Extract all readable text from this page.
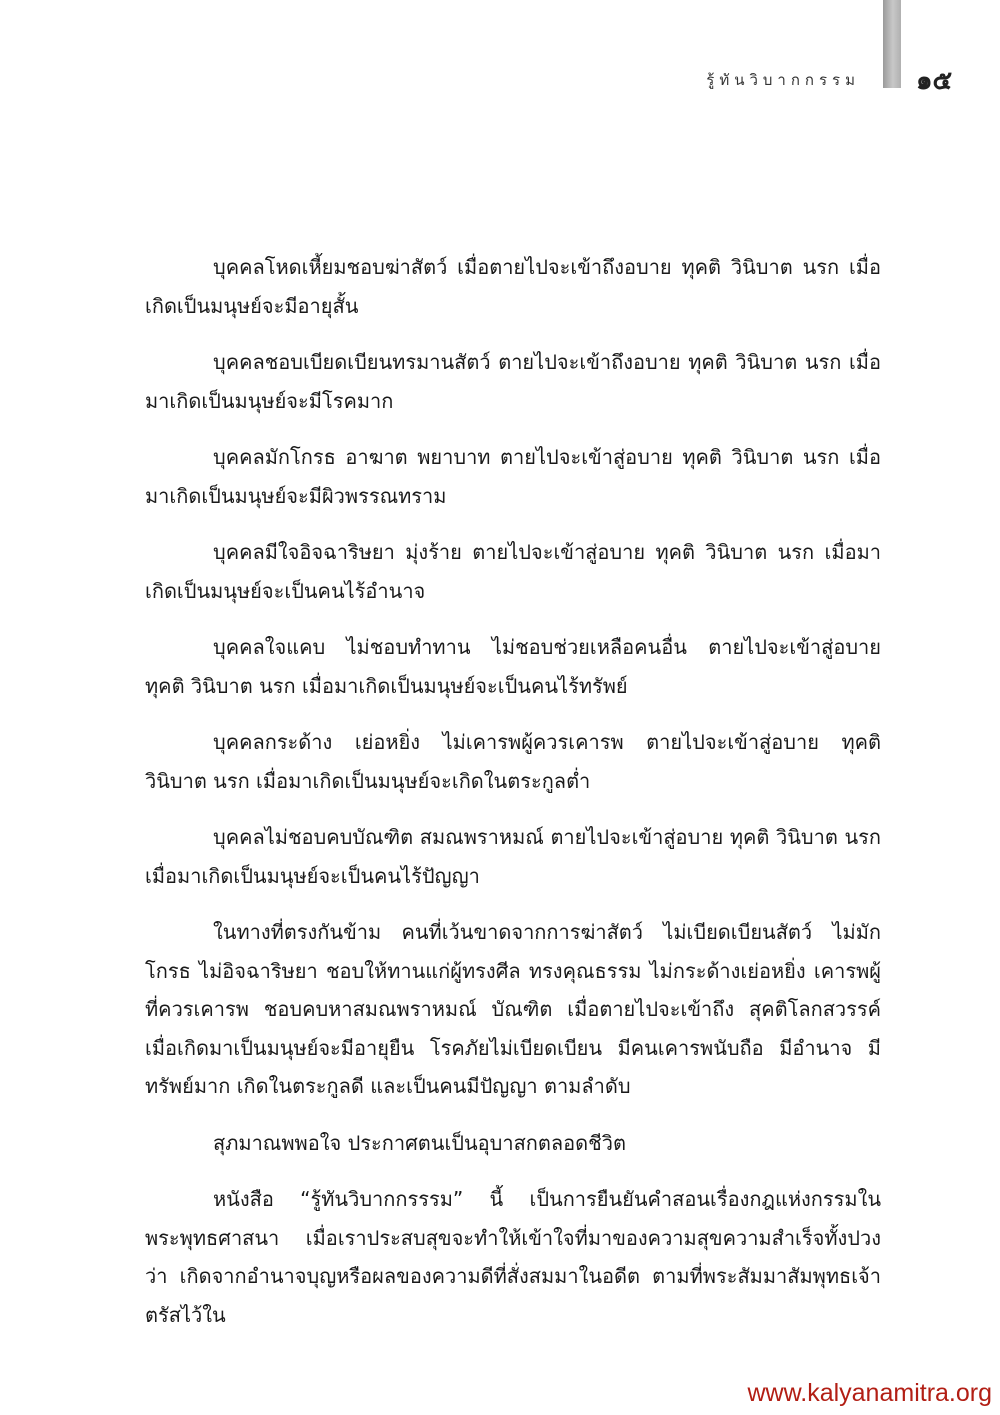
รู้ทันวิบากกรรม ๑๕

บุคคลโหดเหี้ยมชอบฆ่าสัตว์ เมื่อตายไปจะเข้าถึงอบาย ทุคติ วินิบาต นรก เมื่อเกิดเป็นมนุษย์จะมีอายุสั้น

บุคคลชอบเบียดเบียนทรมานสัตว์ ตายไปจะเข้าถึงอบาย ทุคติ วินิบาต นรก เมื่อมาเกิดเป็นมนุษย์จะมีโรคมาก

บุคคลมักโกรธ อาฆาต พยาบาท ตายไปจะเข้าสู่อบาย ทุคติ วินิบาต นรก เมื่อมาเกิดเป็นมนุษย์จะมีผิวพรรณทราม

บุคคลมีใจอิจฉาริษยา มุ่งร้าย ตายไปจะเข้าสู่อบาย ทุคติ วินิบาต นรก เมื่อมาเกิดเป็นมนุษย์จะเป็นคนไร้อำนาจ

บุคคลใจแคบ ไม่ชอบทำทาน ไม่ชอบช่วยเหลือคนอื่น ตายไปจะเข้าสู่อบาย ทุคติ วินิบาต นรก เมื่อมาเกิดเป็นมนุษย์จะเป็นคนไร้ทรัพย์

บุคคลกระด้าง เย่อหยิ่ง ไม่เคารพผู้ควรเคารพ ตายไปจะเข้าสู่อบาย ทุคติ วินิบาต นรก เมื่อมาเกิดเป็นมนุษย์จะเกิดในตระกูลต่ำ

บุคคลไม่ชอบคบบัณฑิต สมณพราหมณ์ ตายไปจะเข้าสู่อบาย ทุคติ วินิบาต นรก เมื่อมาเกิดเป็นมนุษย์จะเป็นคนไร้ปัญญา

ในทางที่ตรงกันข้าม คนที่เว้นขาดจากการฆ่าสัตว์ ไม่เบียดเบียนสัตว์ ไม่มักโกรธ ไม่อิจฉาริษยา ชอบให้ทานแก่ผู้ทรงศีล ทรงคุณธรรม ไม่กระด้างเย่อหยิ่ง เคารพผู้ที่ควรเคารพ ชอบคบหาสมณพราหมณ์ บัณฑิต เมื่อตายไปจะเข้าถึง สุคติโลกสวรรค์ เมื่อเกิดมาเป็นมนุษย์จะมีอายุยืน โรคภัยไม่เบียดเบียน มีคนเคารพนับถือ มีอำนาจ มีทรัพย์มาก เกิดในตระกูลดี และเป็นคนมีปัญญา ตามลำดับ

สุภมาณพพอใจ ประกาศตนเป็นอุบาสกตลอดชีวิต

หนังสือ “รู้ทันวิบากกรรรม” นี้ เป็นการยืนยันคำสอนเรื่องกฎแห่งกรรมในพระพุทธศาสนา เมื่อเราประสบสุขจะทำให้เข้าใจที่มาของความสุขความสำเร็จทั้งปวงว่า เกิดจากอำนาจบุญหรือผลของความดีที่สั่งสมมาในอดีต ตามที่พระสัมมาสัมพุทธเจ้า ตรัสไว้ใน

www.kalyanamitra.org
